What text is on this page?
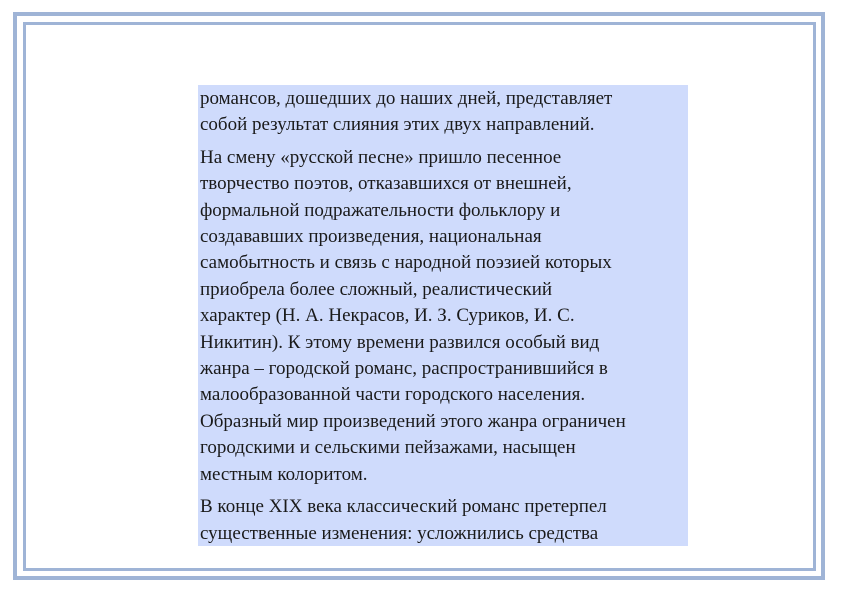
романсов, дошедших до наших дней, представляет
собой результат слияния этих двух направлений.
На смену «русской песне» пришло песенное
творчество поэтов, отказавшихся от внешней,
формальной подражательности фольклору и
создававших произведения, национальная
самобытность и связь с народной поэзией которых
приобрела более сложный, реалистический
характер (Н. А. Некрасов, И. З. Суриков, И. С.
Никитин). К этому времени развился особый вид
жанра – городской романс, распространившийся в
малообразованной части городского населения.
Образный мир произведений этого жанра ограничен
городскими и сельскими пейзажами, насыщен
местным колоритом.
В конце XIX века классический романс претерпел
существенные изменения: усложнились средства
